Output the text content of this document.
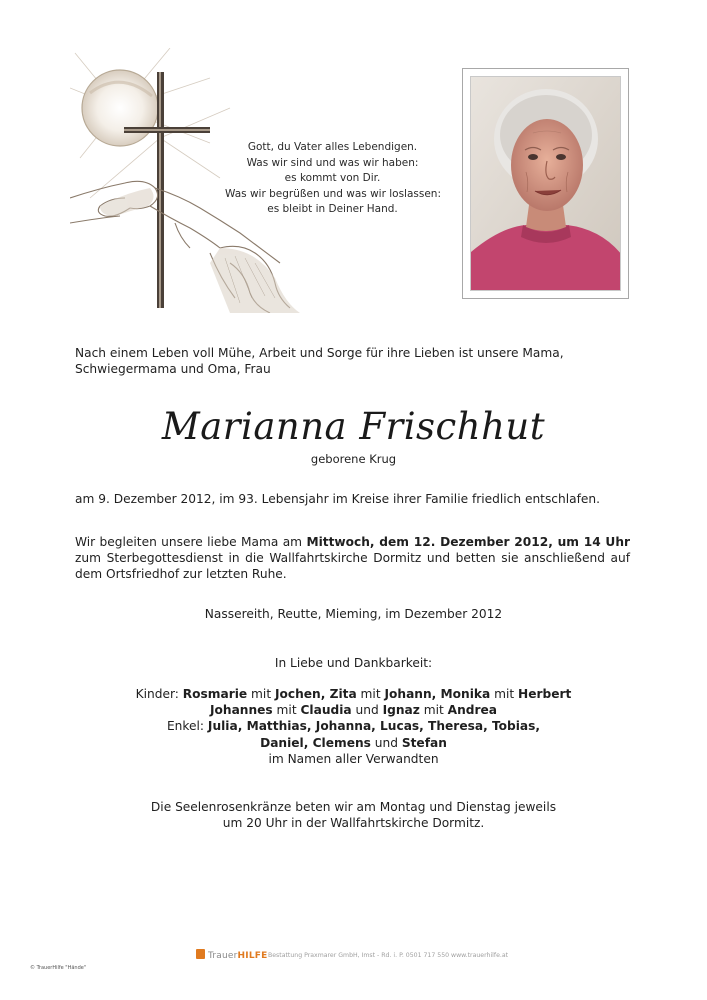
Gott, du Vater alles Lebendigen.
Was wir sind und was wir haben:
es kommt von Dir.
Was wir begrüßen und was wir loslassen:
es bleibt in Deiner Hand.
Nach einem Leben voll Mühe, Arbeit und Sorge für ihre Lieben ist unsere Mama, Schwiegermama und Oma, Frau
Marianna Frischhut
geborene Krug
am 9. Dezember 2012, im 93. Lebensjahr im Kreise ihrer Familie friedlich entschlafen.
Wir begleiten unsere liebe Mama am Mittwoch, dem 12. Dezember 2012, um 14 Uhr zum Sterbegottesdienst in die Wallfahrtskirche Dormitz und betten sie anschließend auf dem Ortsfriedhof zur letzten Ruhe.
Nassereith, Reutte, Mieming, im Dezember 2012
In Liebe und Dankbarkeit:
Kinder: Rosmarie mit Jochen, Zita mit Johann, Monika mit Herbert
Johannes mit Claudia und Ignaz mit Andrea
Enkel: Julia, Matthias, Johanna, Lucas, Theresa, Tobias,
Daniel, Clemens und Stefan
im Namen aller Verwandten
Die Seelenrosenkränze beten wir am Montag und Dienstag jeweils
um 20 Uhr in der Wallfahrtskirche Dormitz.
TrauerHILFE Bestattung Praxmarer GmbH, Imst - Rd. i. P. 0501 717 550 www.trauerhilfe.at
© TrauerHilfe "Hände"
